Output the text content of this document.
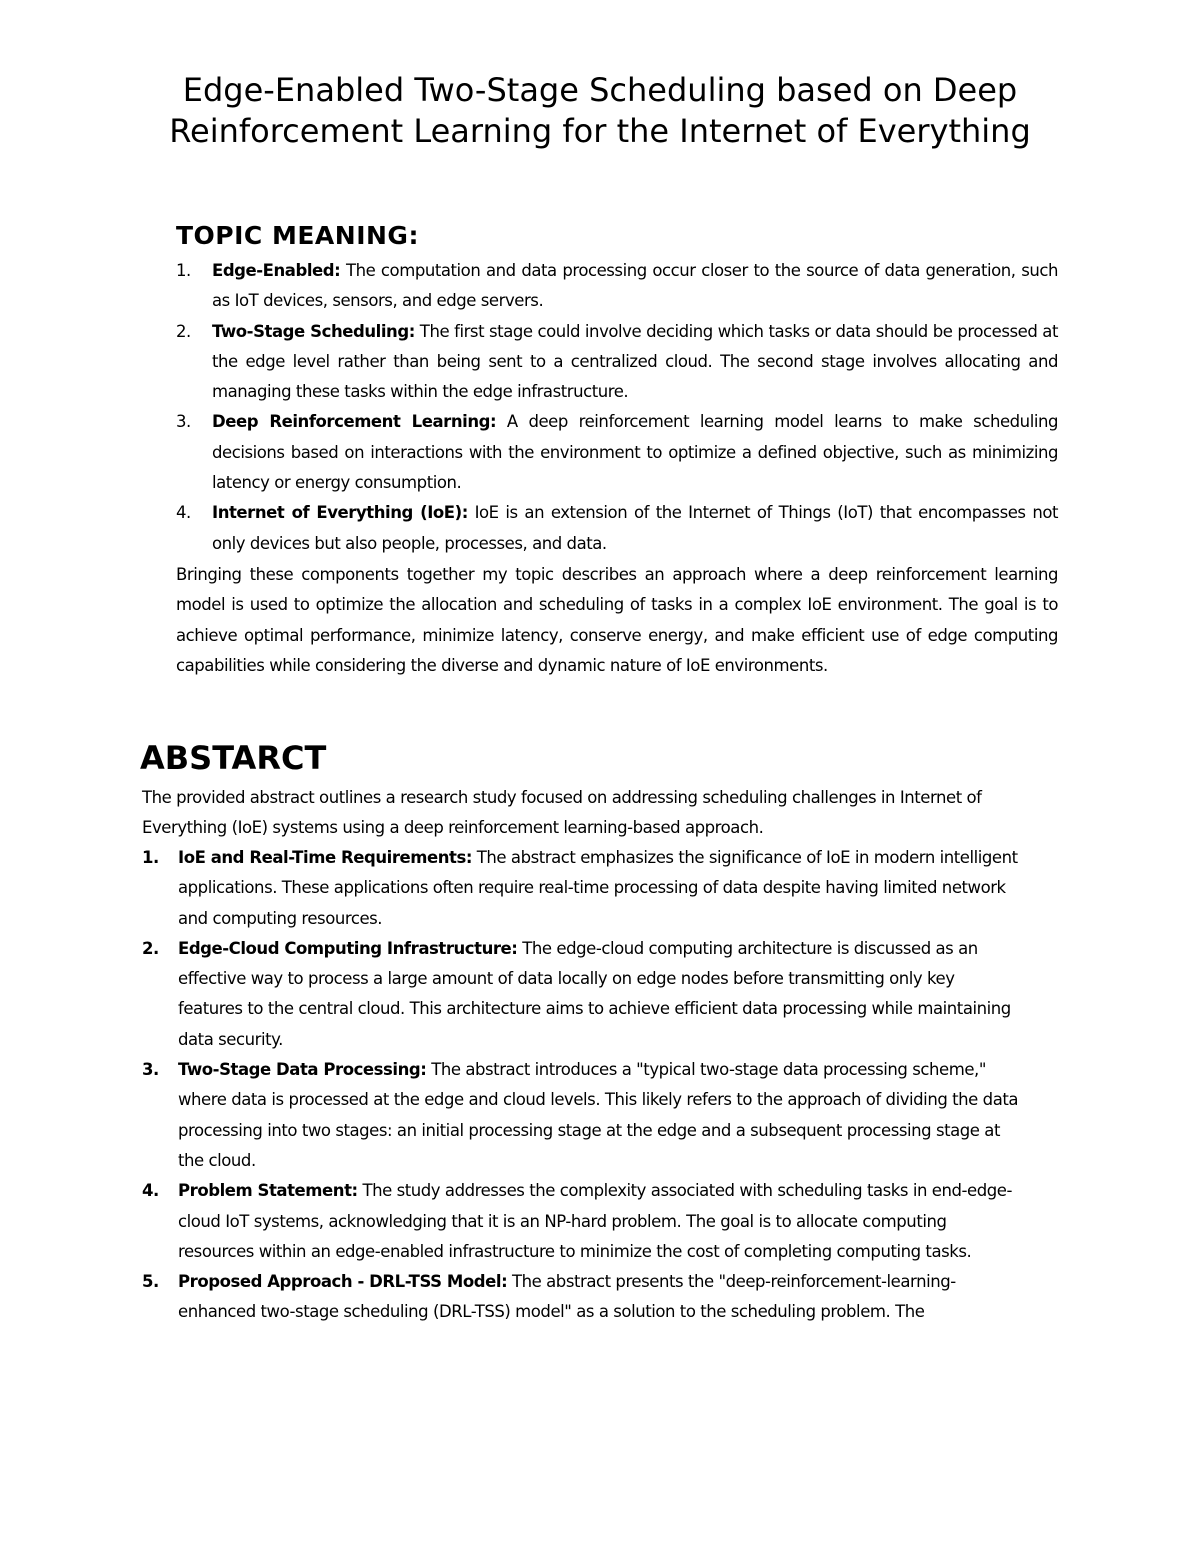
Edge-Enabled Two-Stage Scheduling based on Deep Reinforcement Learning for the Internet of Everything
TOPIC MEANING:
1. Edge-Enabled: The computation and data processing occur closer to the source of data generation, such as IoT devices, sensors, and edge servers.
2. Two-Stage Scheduling: The first stage could involve deciding which tasks or data should be processed at the edge level rather than being sent to a centralized cloud. The second stage involves allocating and managing these tasks within the edge infrastructure.
3. Deep Reinforcement Learning: A deep reinforcement learning model learns to make scheduling decisions based on interactions with the environment to optimize a defined objective, such as minimizing latency or energy consumption.
4. Internet of Everything (IoE): IoE is an extension of the Internet of Things (IoT) that encompasses not only devices but also people, processes, and data.

Bringing these components together my topic describes an approach where a deep reinforcement learning model is used to optimize the allocation and scheduling of tasks in a complex IoE environment. The goal is to achieve optimal performance, minimize latency, conserve energy, and make efficient use of edge computing capabilities while considering the diverse and dynamic nature of IoE environments.

ABSTARCT

The provided abstract outlines a research study focused on addressing scheduling challenges in Internet of Everything (IoE) systems using a deep reinforcement learning-based approach.

1. IoE and Real-Time Requirements: The abstract emphasizes the significance of IoE in modern intelligent applications. These applications often require real-time processing of data despite having limited network and computing resources.
2. Edge-Cloud Computing Infrastructure: The edge-cloud computing architecture is discussed as an effective way to process a large amount of data locally on edge nodes before transmitting only key features to the central cloud. This architecture aims to achieve efficient data processing while maintaining data security.
3. Two-Stage Data Processing: The abstract introduces a "typical two-stage data processing scheme," where data is processed at the edge and cloud levels. This likely refers to the approach of dividing the data processing into two stages: an initial processing stage at the edge and a subsequent processing stage at the cloud.
4. Problem Statement: The study addresses the complexity associated with scheduling tasks in end-edge-cloud IoT systems, acknowledging that it is an NP-hard problem. The goal is to allocate computing resources within an edge-enabled infrastructure to minimize the cost of completing computing tasks.
5. Proposed Approach - DRL-TSS Model: The abstract presents the "deep-reinforcement-learning-enhanced two-stage scheduling (DRL-TSS) model" as a solution to the scheduling problem. The
